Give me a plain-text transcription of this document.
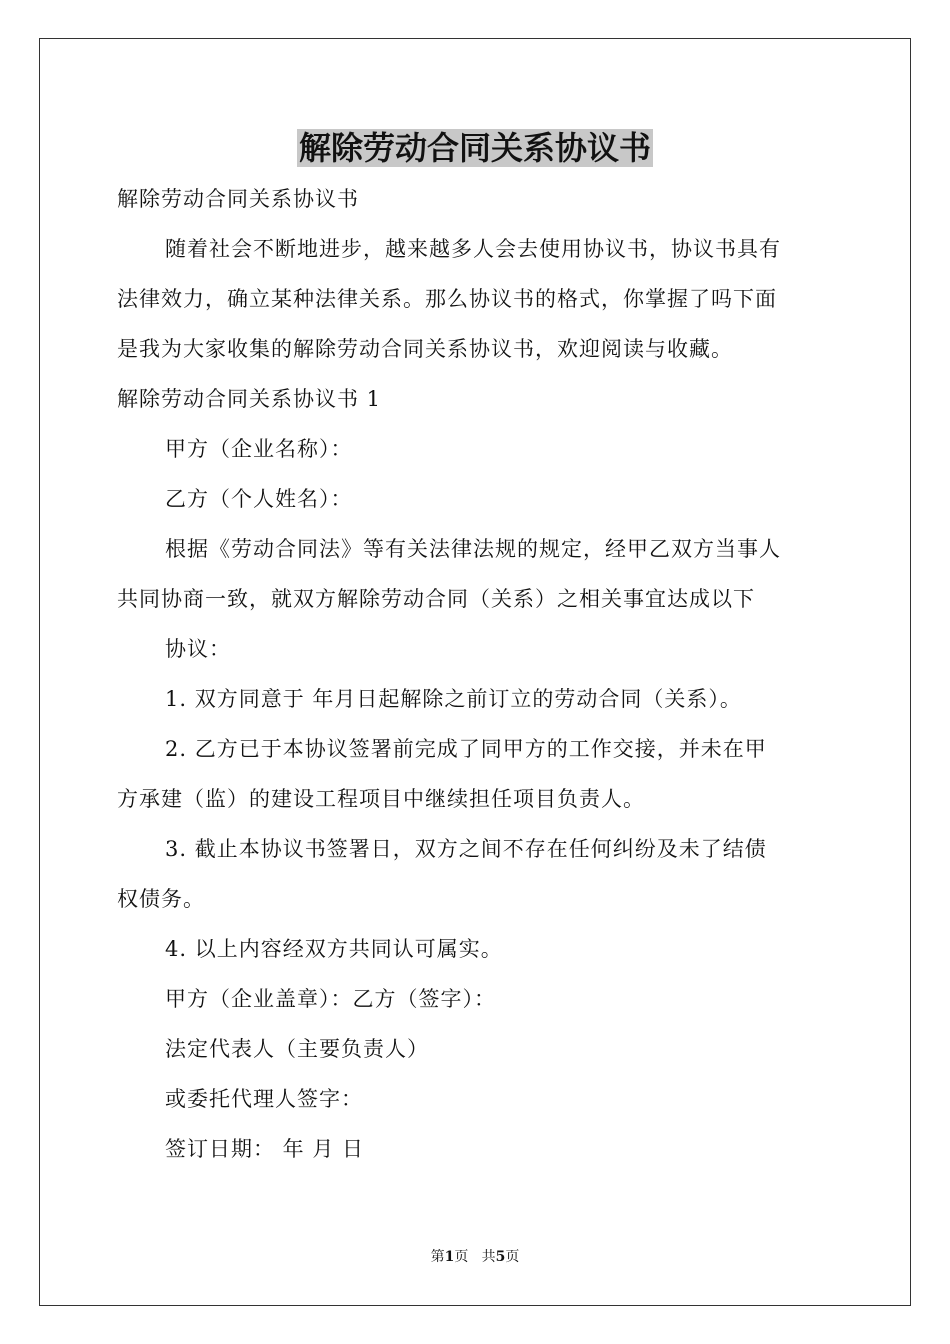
解除劳动合同关系协议书

解除劳动合同关系协议书

随着社会不断地进步，越来越多人会去使用协议书，协议书具有

法律效力，确立某种法律关系。那么协议书的格式，你掌握了吗下面

是我为大家收集的解除劳动合同关系协议书，欢迎阅读与收藏。

解除劳动合同关系协议书 1

甲方（企业名称）：

乙方（个人姓名）：

根据《劳动合同法》等有关法律法规的规定，经甲乙双方当事人

共同协商一致，就双方解除劳动合同（关系）之相关事宜达成以下

协议：

1. 双方同意于 年月日起解除之前订立的劳动合同（关系）。

2. 乙方已于本协议签署前完成了同甲方的工作交接，并未在甲

方承建（监）的建设工程项目中继续担任项目负责人。

3. 截止本协议书签署日，双方之间不存在任何纠纷及未了结债

权债务。

4. 以上内容经双方共同认可属实。

甲方（企业盖章）：乙方（签字）：

法定代表人（主要负责人）

或委托代理人签字：

签订日期： 年 月 日

第1页   共5页
